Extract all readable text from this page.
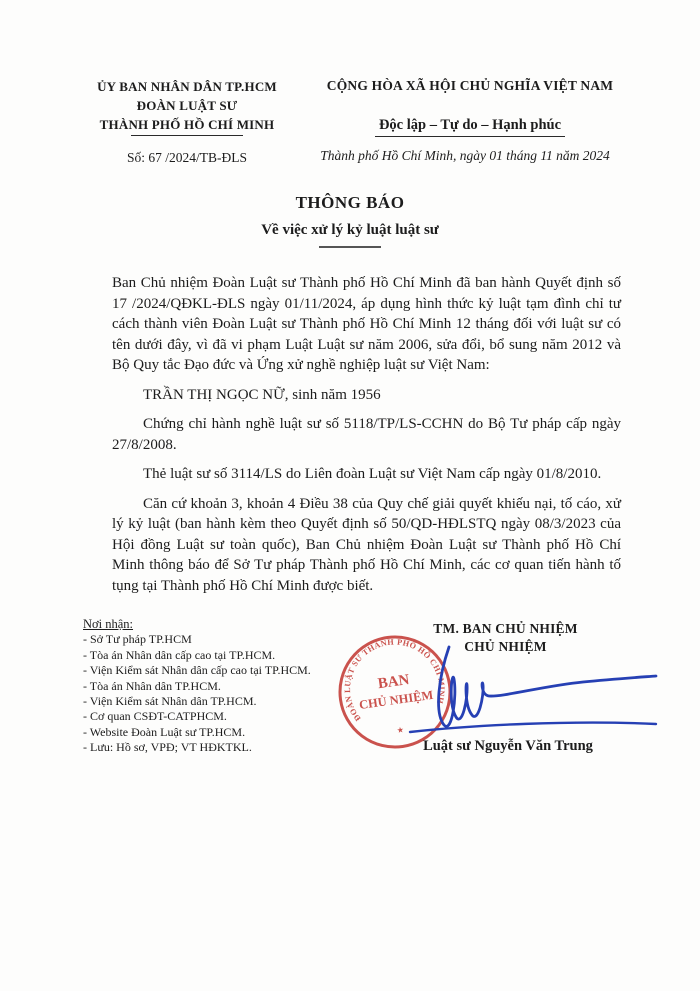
ỦY BAN NHÂN DÂN TP.HCM
ĐOÀN LUẬT SƯ
THÀNH PHỐ HỒ CHÍ MINH
Số: 67 /2024/TB-ĐLS
CỘNG HÒA XÃ HỘI CHỦ NGHĨA VIỆT NAM

Độc lập – Tự do – Hạnh phúc
Thành phố Hồ Chí Minh, ngày 01 tháng 11 năm 2024
THÔNG BÁO
Về việc xử lý kỷ luật luật sư

Ban Chủ nhiệm Đoàn Luật sư Thành phố Hồ Chí Minh đã ban hành Quyết định số 17 /2024/QĐKL-ĐLS ngày 01/11/2024, áp dụng hình thức kỷ luật tạm đình chỉ tư cách thành viên Đoàn Luật sư Thành phố Hồ Chí Minh 12 tháng đối với luật sư có tên dưới đây, vì đã vi phạm Luật Luật sư năm 2006, sửa đổi, bổ sung năm 2012 và Bộ Quy tắc Đạo đức và Ứng xử nghề nghiệp luật sư Việt Nam:

TRẦN THỊ NGỌC NỮ, sinh năm 1956

Chứng chỉ hành nghề luật sư số 5118/TP/LS-CCHN do Bộ Tư pháp cấp ngày 27/8/2008.

Thẻ luật sư số 3114/LS do Liên đoàn Luật sư Việt Nam cấp ngày 01/8/2010.

Căn cứ khoản 3, khoản 4 Điều 38 của Quy chế giải quyết khiếu nại, tố cáo, xử lý kỷ luật (ban hành kèm theo Quyết định số 50/QD-HĐLSTQ ngày 08/3/2023 của Hội đồng Luật sư toàn quốc), Ban Chủ nhiệm Đoàn Luật sư Thành phố Hồ Chí Minh thông báo để Sở Tư pháp Thành phố Hồ Chí Minh, các cơ quan tiến hành tố tụng tại Thành phố Hồ Chí Minh được biết.

Nơi nhận:
- Sở Tư pháp TP.HCM
- Tòa án Nhân dân cấp cao tại TP.HCM.
- Viện Kiểm sát Nhân dân cấp cao tại TP.HCM.
- Tòa án Nhân dân TP.HCM.
- Viện Kiểm sát Nhân dân TP.HCM.
- Cơ quan CSĐT-CATPHCM.
- Website Đoàn Luật sư TP.HCM.
- Lưu: Hồ sơ, VPĐ; VT HĐKTKL.
TM. BAN CHỦ NHIỆM
CHỦ NHIỆM
ĐOÀN LUẬT SƯ THÀNH PHỐ HỒ CHÍ MINH
BAN
CHỦ NHIỆM
★
Luật sư Nguyễn Văn Trung
